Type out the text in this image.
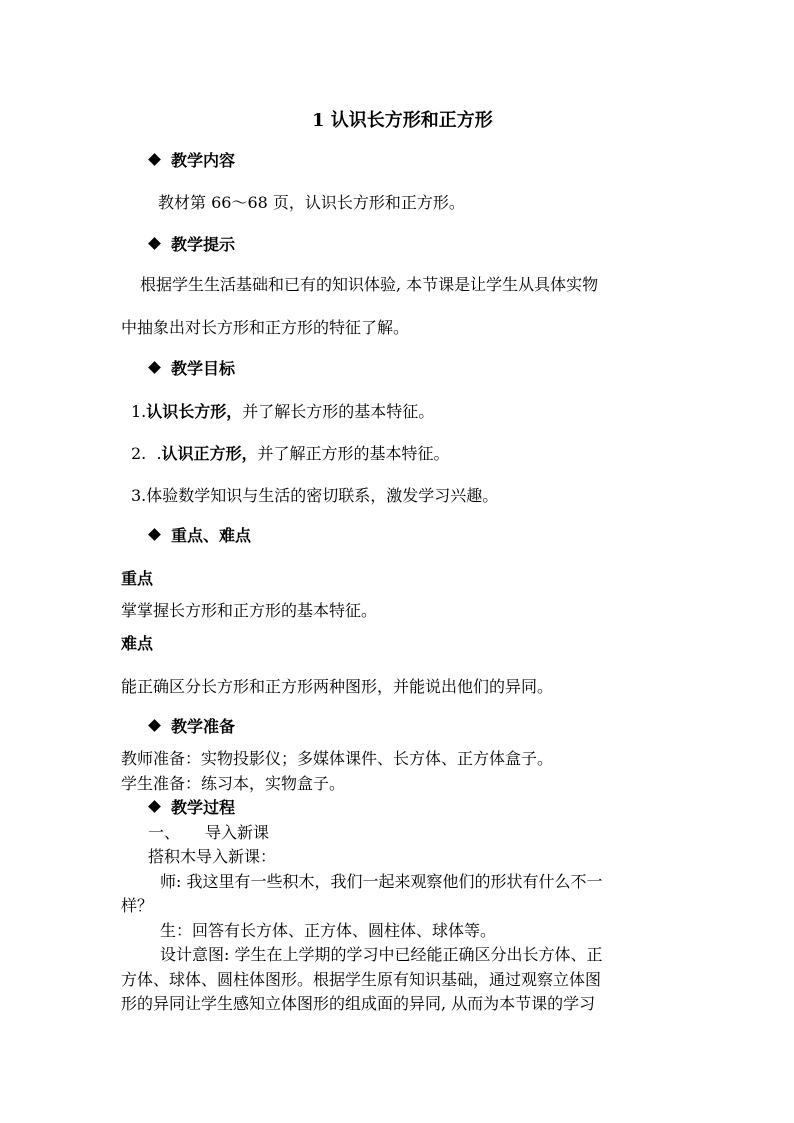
1 认识长方形和正方形
教学内容
教材第 66～68 页，认识长方形和正方形。
教学提示
根据学生生活基础和已有的知识体验, 本节课是让学生从具体实物
中抽象出对长方形和正方形的特征了解。
教学目标
1.认识长方形，并了解长方形的基本特征。
2.  .认识正方形，并了解正方形的基本特征。
3.体验数学知识与生活的密切联系，激发学习兴趣。
重点、难点
重点
掌掌握长方形和正方形的基本特征。
难点
能正确区分长方形和正方形两种图形，并能说出他们的异同。
教学准备
教师准备：实物投影仪；多媒体课件、长方体、正方体盒子。
学生准备：练习本，实物盒子。
教学过程
一、 导入新课
搭积木导入新课：
师: 我这里有一些积木，我们一起来观察他们的形状有什么不一
样？
生：回答有长方体、正方体、圆柱体、球体等。
设计意图: 学生在上学期的学习中已经能正确区分出长方体、正
方体、球体、圆柱体图形。根据学生原有知识基础，通过观察立体图
形的异同让学生感知立体图形的组成面的异同, 从而为本节课的学习
